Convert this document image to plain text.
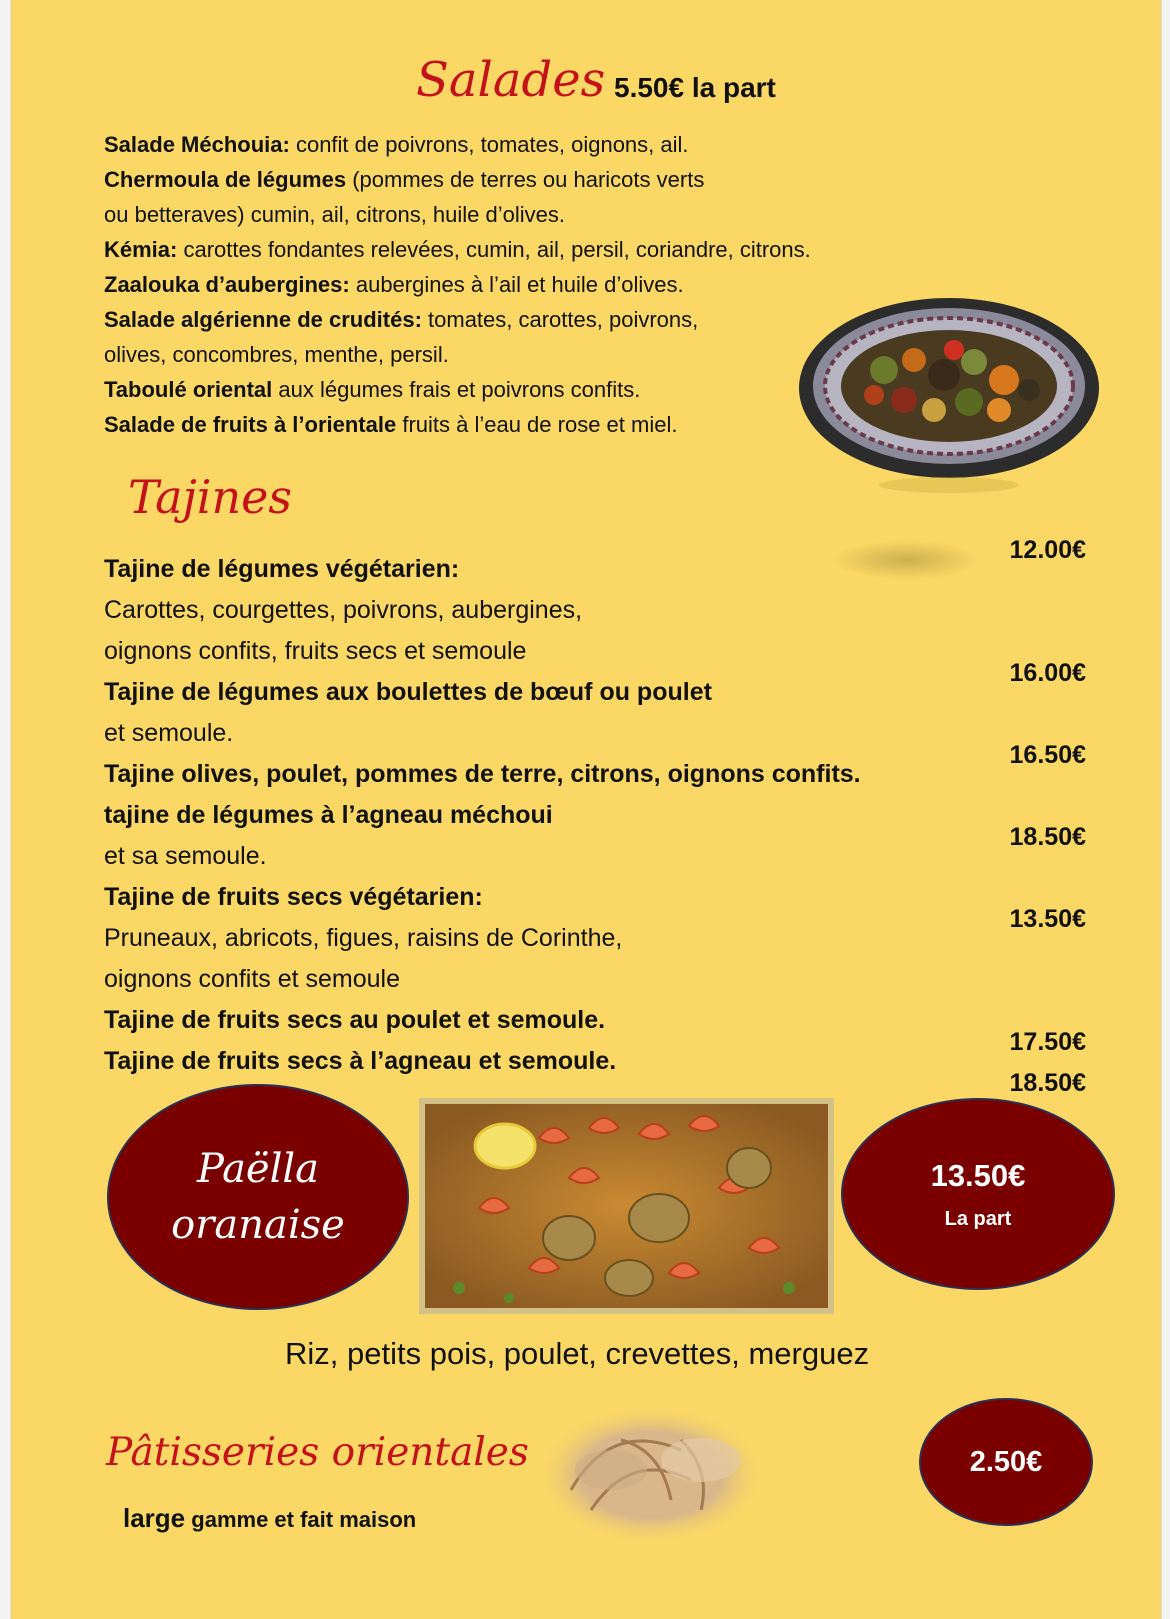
Salades 5.50€ la part
Salade Méchouia: confit de poivrons, tomates, oignons, ail.
Chermoula de légumes (pommes de terres ou haricots verts
ou betteraves) cumin, ail, citrons, huile d’olives.
Kémia: carottes fondantes relevées, cumin, ail, persil, coriandre, citrons.
Zaalouka d’aubergines: aubergines à l’ail et huile d’olives.
Salade algérienne de crudités: tomates, carottes, poivrons,
olives, concombres, menthe, persil.
Taboulé oriental aux légumes frais et poivrons confits.
Salade de fruits à l’orientale fruits à l’eau de rose et miel.
Tajines
Tajine de légumes végétarien:
Carottes, courgettes, poivrons, aubergines,
oignons confits, fruits secs et semoule
Tajine de légumes aux boulettes de bœuf ou poulet
et semoule.
Tajine olives, poulet, pommes de terre, citrons, oignons confits.
tajine de légumes à l’agneau méchoui
et sa semoule.
Tajine de fruits secs végétarien:
Pruneaux, abricots, figues, raisins de Corinthe,
oignons confits et semoule
Tajine de fruits secs au poulet et semoule.
Tajine de fruits secs à l’agneau et semoule.
12.00€
16.00€
16.50€
18.50€
13.50€
17.50€
18.50€
Paëlla
oranaise
13.50€
La part
Riz, petits pois, poulet, crevettes, merguez
Pâtisseries orientales
large gamme et fait maison
2.50€
